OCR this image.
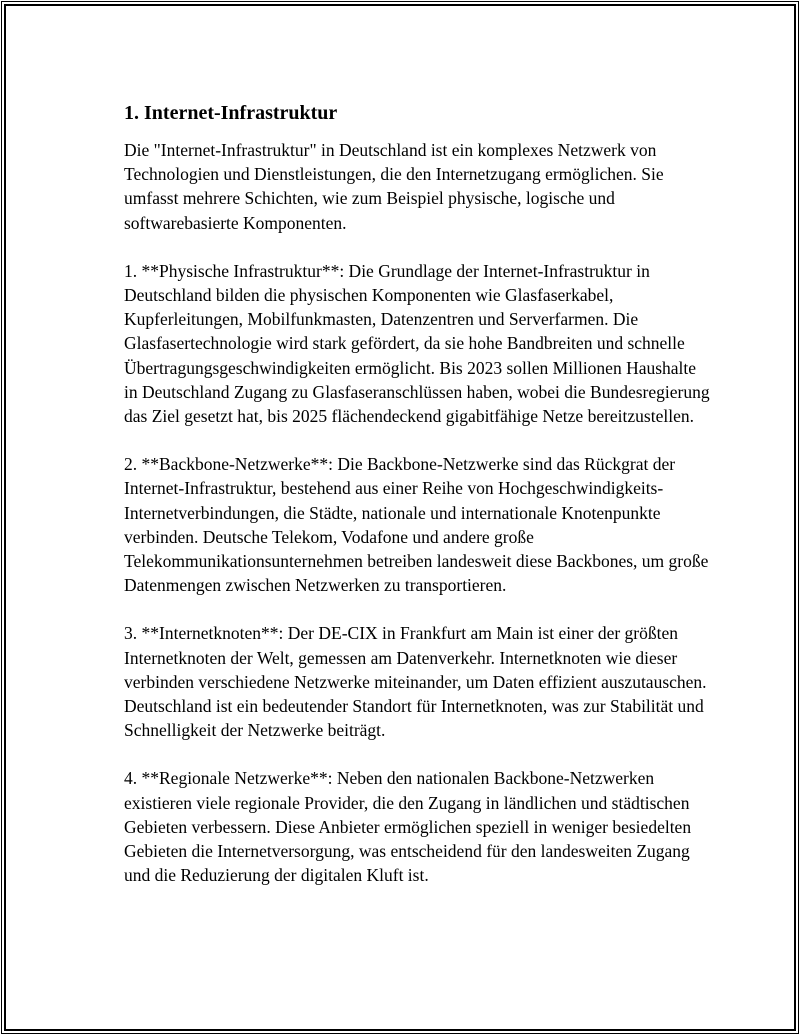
1. Internet-Infrastruktur

Die "Internet-Infrastruktur" in Deutschland ist ein komplexes Netzwerk von Technologien und Dienstleistungen, die den Internetzugang ermöglichen. Sie umfasst mehrere Schichten, wie zum Beispiel physische, logische und softwarebasierte Komponenten.

1. **Physische Infrastruktur**: Die Grundlage der Internet-Infrastruktur in Deutschland bilden die physischen Komponenten wie Glasfaserkabel, Kupferleitungen, Mobilfunkmasten, Datenzentren und Serverfarmen. Die Glasfasertechnologie wird stark gefördert, da sie hohe Bandbreiten und schnelle Übertragungsgeschwindigkeiten ermöglicht. Bis 2023 sollen Millionen Haushalte in Deutschland Zugang zu Glasfaseranschlüssen haben, wobei die Bundesregierung das Ziel gesetzt hat, bis 2025 flächendeckend gigabitfähige Netze bereitzustellen.

2. **Backbone-Netzwerke**: Die Backbone-Netzwerke sind das Rückgrat der Internet-Infrastruktur, bestehend aus einer Reihe von Hochgeschwindigkeits-Internetverbindungen, die Städte, nationale und internationale Knotenpunkte verbinden. Deutsche Telekom, Vodafone und andere große Telekommunikationsunternehmen betreiben landesweit diese Backbones, um große Datenmengen zwischen Netzwerken zu transportieren.

3. **Internetknoten**: Der DE-CIX in Frankfurt am Main ist einer der größten Internetknoten der Welt, gemessen am Datenverkehr. Internetknoten wie dieser verbinden verschiedene Netzwerke miteinander, um Daten effizient auszutauschen. Deutschland ist ein bedeutender Standort für Internetknoten, was zur Stabilität und Schnelligkeit der Netzwerke beiträgt.

4. **Regionale Netzwerke**: Neben den nationalen Backbone-Netzwerken existieren viele regionale Provider, die den Zugang in ländlichen und städtischen Gebieten verbessern. Diese Anbieter ermöglichen speziell in weniger besiedelten Gebieten die Internetversorgung, was entscheidend für den landesweiten Zugang und die Reduzierung der digitalen Kluft ist.
